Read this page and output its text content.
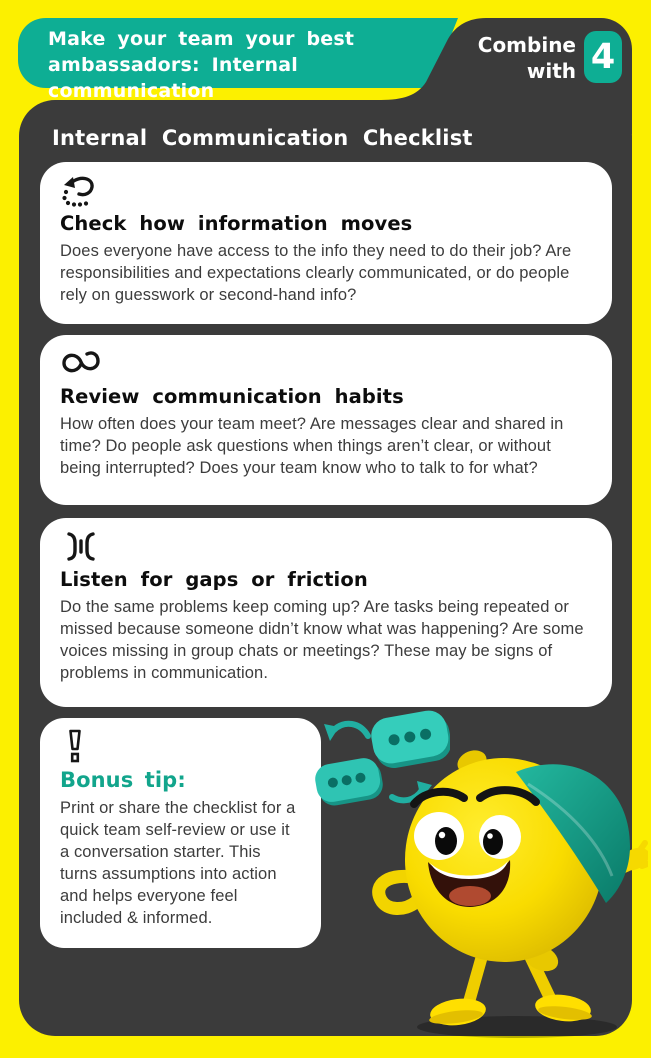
Make your team your best
ambassadors: Internal communication
Combine
with 4
Internal Communication Checklist
Check how information moves
Does everyone have access to the info they need to do their job? Are responsibilities and expectations clearly communicated, or do people rely on guesswork or second-hand info?
Review communication habits
How often does your team meet? Are messages clear and shared in time? Do people ask questions when things aren’t clear, or without being interrupted? Does your team know who to talk to for what?
Listen for gaps or friction
Do the same problems keep coming up? Are tasks being repeated or missed because someone didn’t know what was happening? Are some voices missing in group chats or meetings? These may be signs of problems in communication.
Bonus tip:
Print or share the checklist for a quick team self-review or use it a conversation starter. This turns assumptions into action and helps everyone feel included & informed.
